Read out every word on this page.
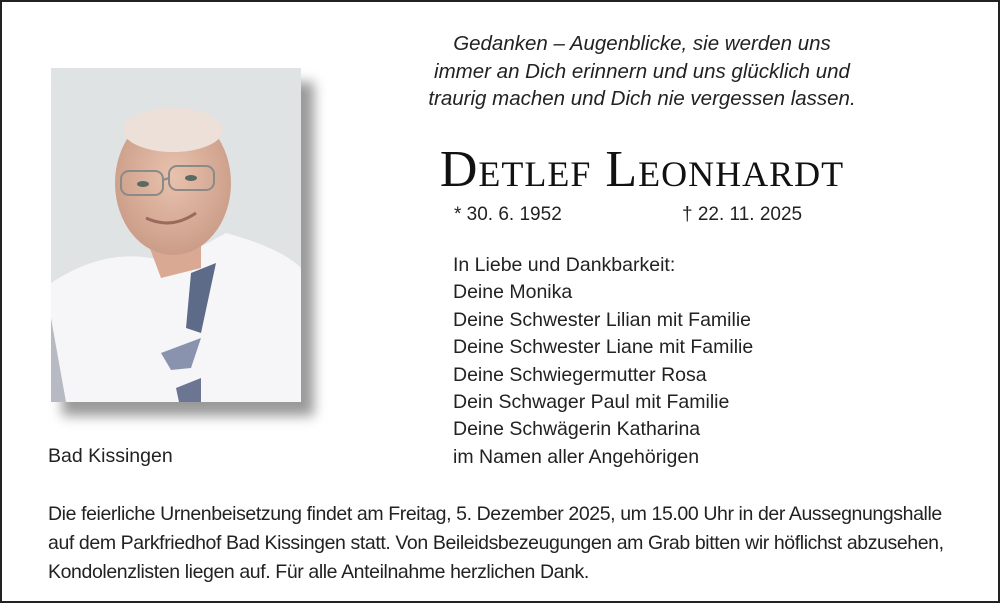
Gedanken – Augenblicke, sie werden uns
immer an Dich erinnern und uns glücklich und
traurig machen und Dich nie vergessen lassen.
Detlef Leonhardt
* 30. 6. 1952	† 22. 11. 2025
In Liebe und Dankbarkeit:
Deine Monika
Deine Schwester Lilian mit Familie
Deine Schwester Liane mit Familie
Deine Schwiegermutter Rosa
Dein Schwager Paul mit Familie
Deine Schwägerin Katharina
im Namen aller Angehörigen
Bad Kissingen
Die feierliche Urnenbeisetzung findet am Freitag, 5. Dezember 2025, um 15.00 Uhr in der Aussegnungshalle auf dem Parkfriedhof Bad Kissingen statt. Von Beileidsbezeugungen am Grab bitten wir höflichst abzusehen, Kondolenzlisten liegen auf. Für alle Anteilnahme herzlichen Dank.
